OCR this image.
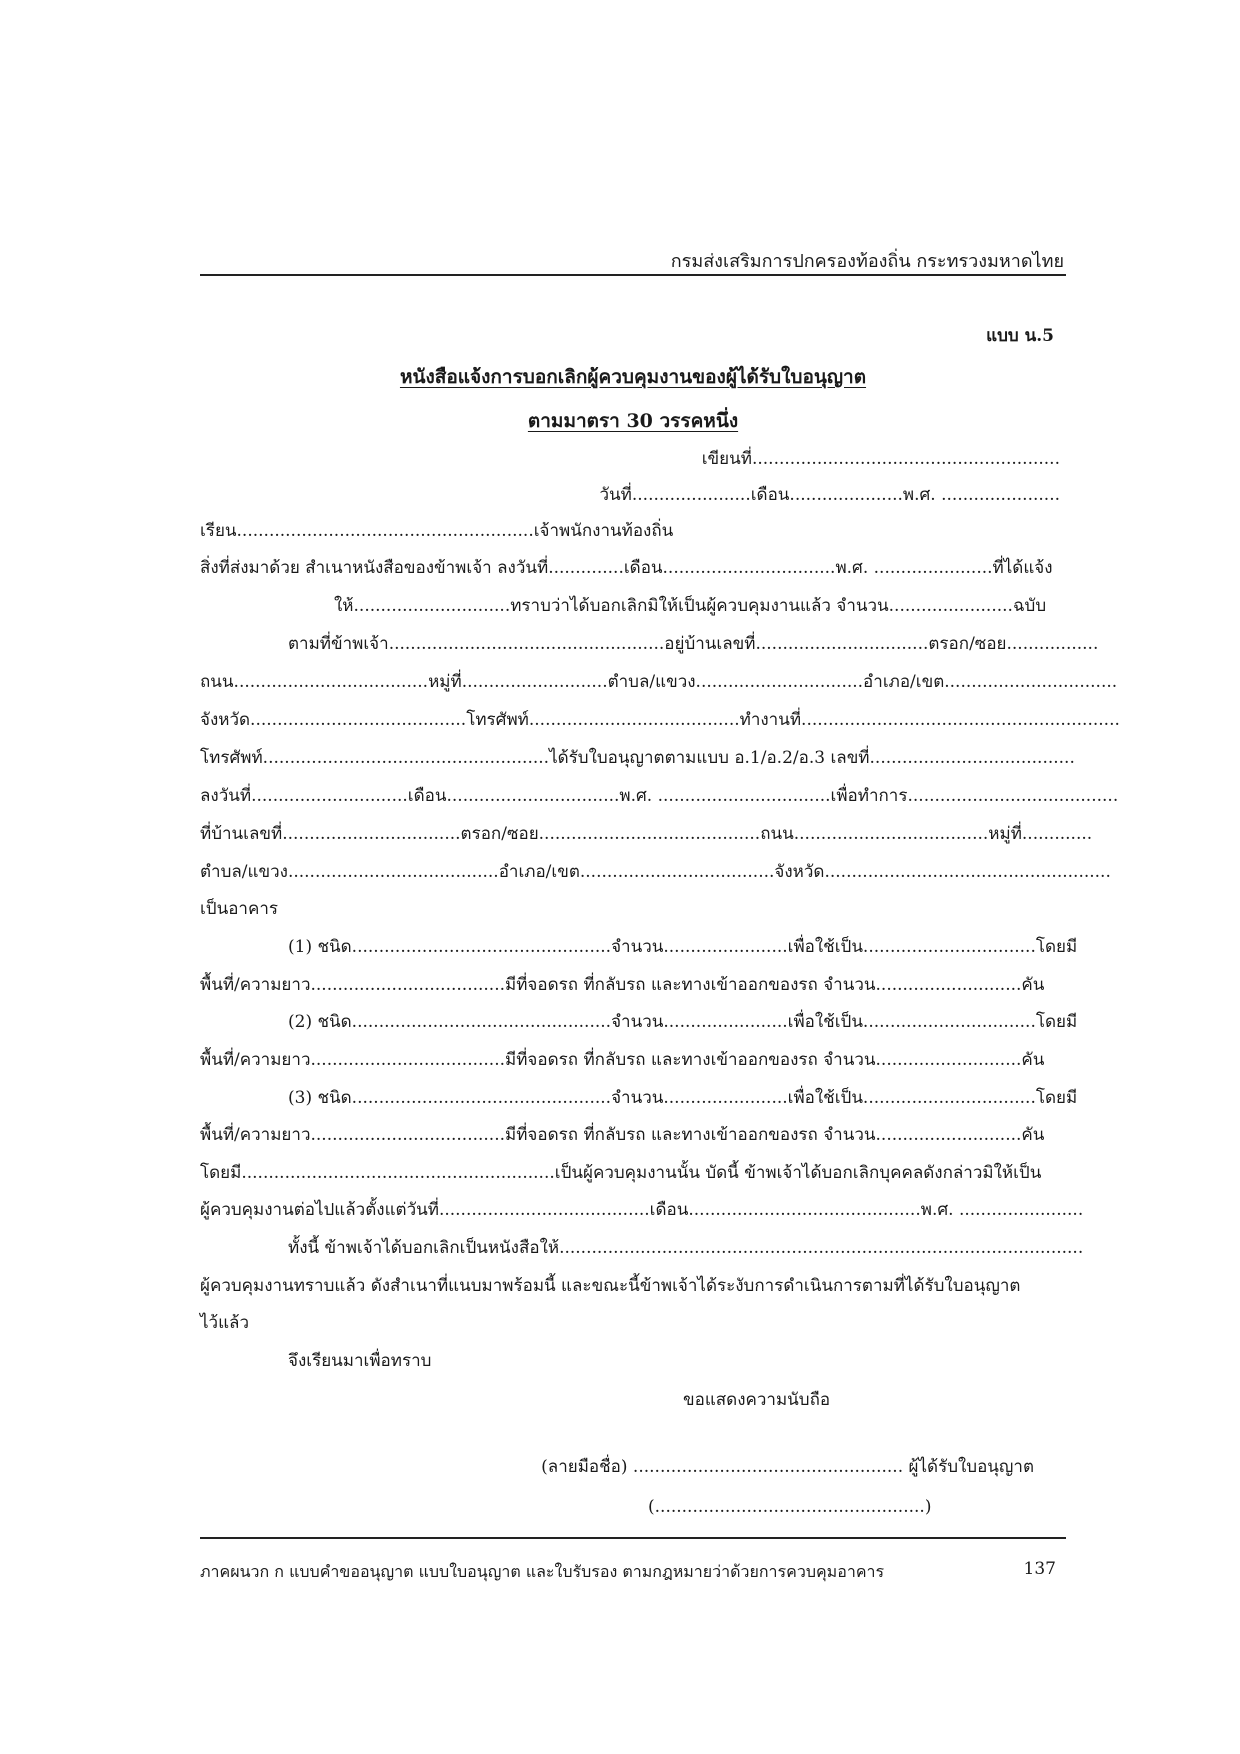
กรมส่งเสริมการปกครองท้องถิ่น กระทรวงมหาดไทย
แบบ น.5
หนังสือแจ้งการบอกเลิกผู้ควบคุมงานของผู้ได้รับใบอนุญาต
ตามมาตรา 30 วรรคหนึ่ง
เขียนที่.........................................................
วันที่......................เดือน.....................พ.ศ. ......................
เรียน.......................................................เจ้าพนักงานท้องถิ่น
สิ่งที่ส่งมาด้วย สำเนาหนังสือของข้าพเจ้า ลงวันที่..............เดือน................................พ.ศ. ......................ที่ได้แจ้ง
ให้.............................ทราบว่าได้บอกเลิกมิให้เป็นผู้ควบคุมงานแล้ว จำนวน.......................ฉบับ
ตามที่ข้าพเจ้า...................................................อยู่บ้านเลขที่................................ตรอก/ซอย.................
ถนน....................................หมู่ที่...........................ตำบล/แขวง...............................อำเภอ/เขต................................
จังหวัด........................................โทรศัพท์.......................................ทำงานที่...........................................................
โทรศัพท์.....................................................ได้รับใบอนุญาตตามแบบ อ.1/อ.2/อ.3 เลขที่......................................
ลงวันที่.............................เดือน................................พ.ศ. ................................เพื่อทำการ.......................................
ที่บ้านเลขที่.................................ตรอก/ซอย.........................................ถนน....................................หมู่ที่.............
ตำบล/แขวง.......................................อำเภอ/เขต....................................จังหวัด.....................................................
เป็นอาคาร
(1) ชนิด................................................จำนวน.......................เพื่อใช้เป็น................................โดยมี
พื้นที่/ความยาว....................................มีที่จอดรถ ที่กลับรถ และทางเข้าออกของรถ จำนวน...........................คัน
(2) ชนิด................................................จำนวน.......................เพื่อใช้เป็น................................โดยมี
พื้นที่/ความยาว....................................มีที่จอดรถ ที่กลับรถ และทางเข้าออกของรถ จำนวน...........................คัน
(3) ชนิด................................................จำนวน.......................เพื่อใช้เป็น................................โดยมี
พื้นที่/ความยาว....................................มีที่จอดรถ ที่กลับรถ และทางเข้าออกของรถ จำนวน...........................คัน
โดยมี..........................................................เป็นผู้ควบคุมงานนั้น บัดนี้ ข้าพเจ้าได้บอกเลิกบุคคลดังกล่าวมิให้เป็น
ผู้ควบคุมงานต่อไปแล้วตั้งแต่วันที่.......................................เดือน...........................................พ.ศ. .......................
ทั้งนี้ ข้าพเจ้าได้บอกเลิกเป็นหนังสือให้.................................................................................................
ผู้ควบคุมงานทราบแล้ว ดังสำเนาที่แนบมาพร้อมนี้ และขณะนี้ข้าพเจ้าได้ระงับการดำเนินการตามที่ได้รับใบอนุญาต
ไว้แล้ว
จึงเรียนมาเพื่อทราบ
ขอแสดงความนับถือ
(ลายมือชื่อ) .................................................. ผู้ได้รับใบอนุญาต
(..................................................)
ภาคผนวก ก แบบคำขออนุญาต แบบใบอนุญาต และใบรับรอง ตามกฎหมายว่าด้วยการควบคุมอาคาร	137
